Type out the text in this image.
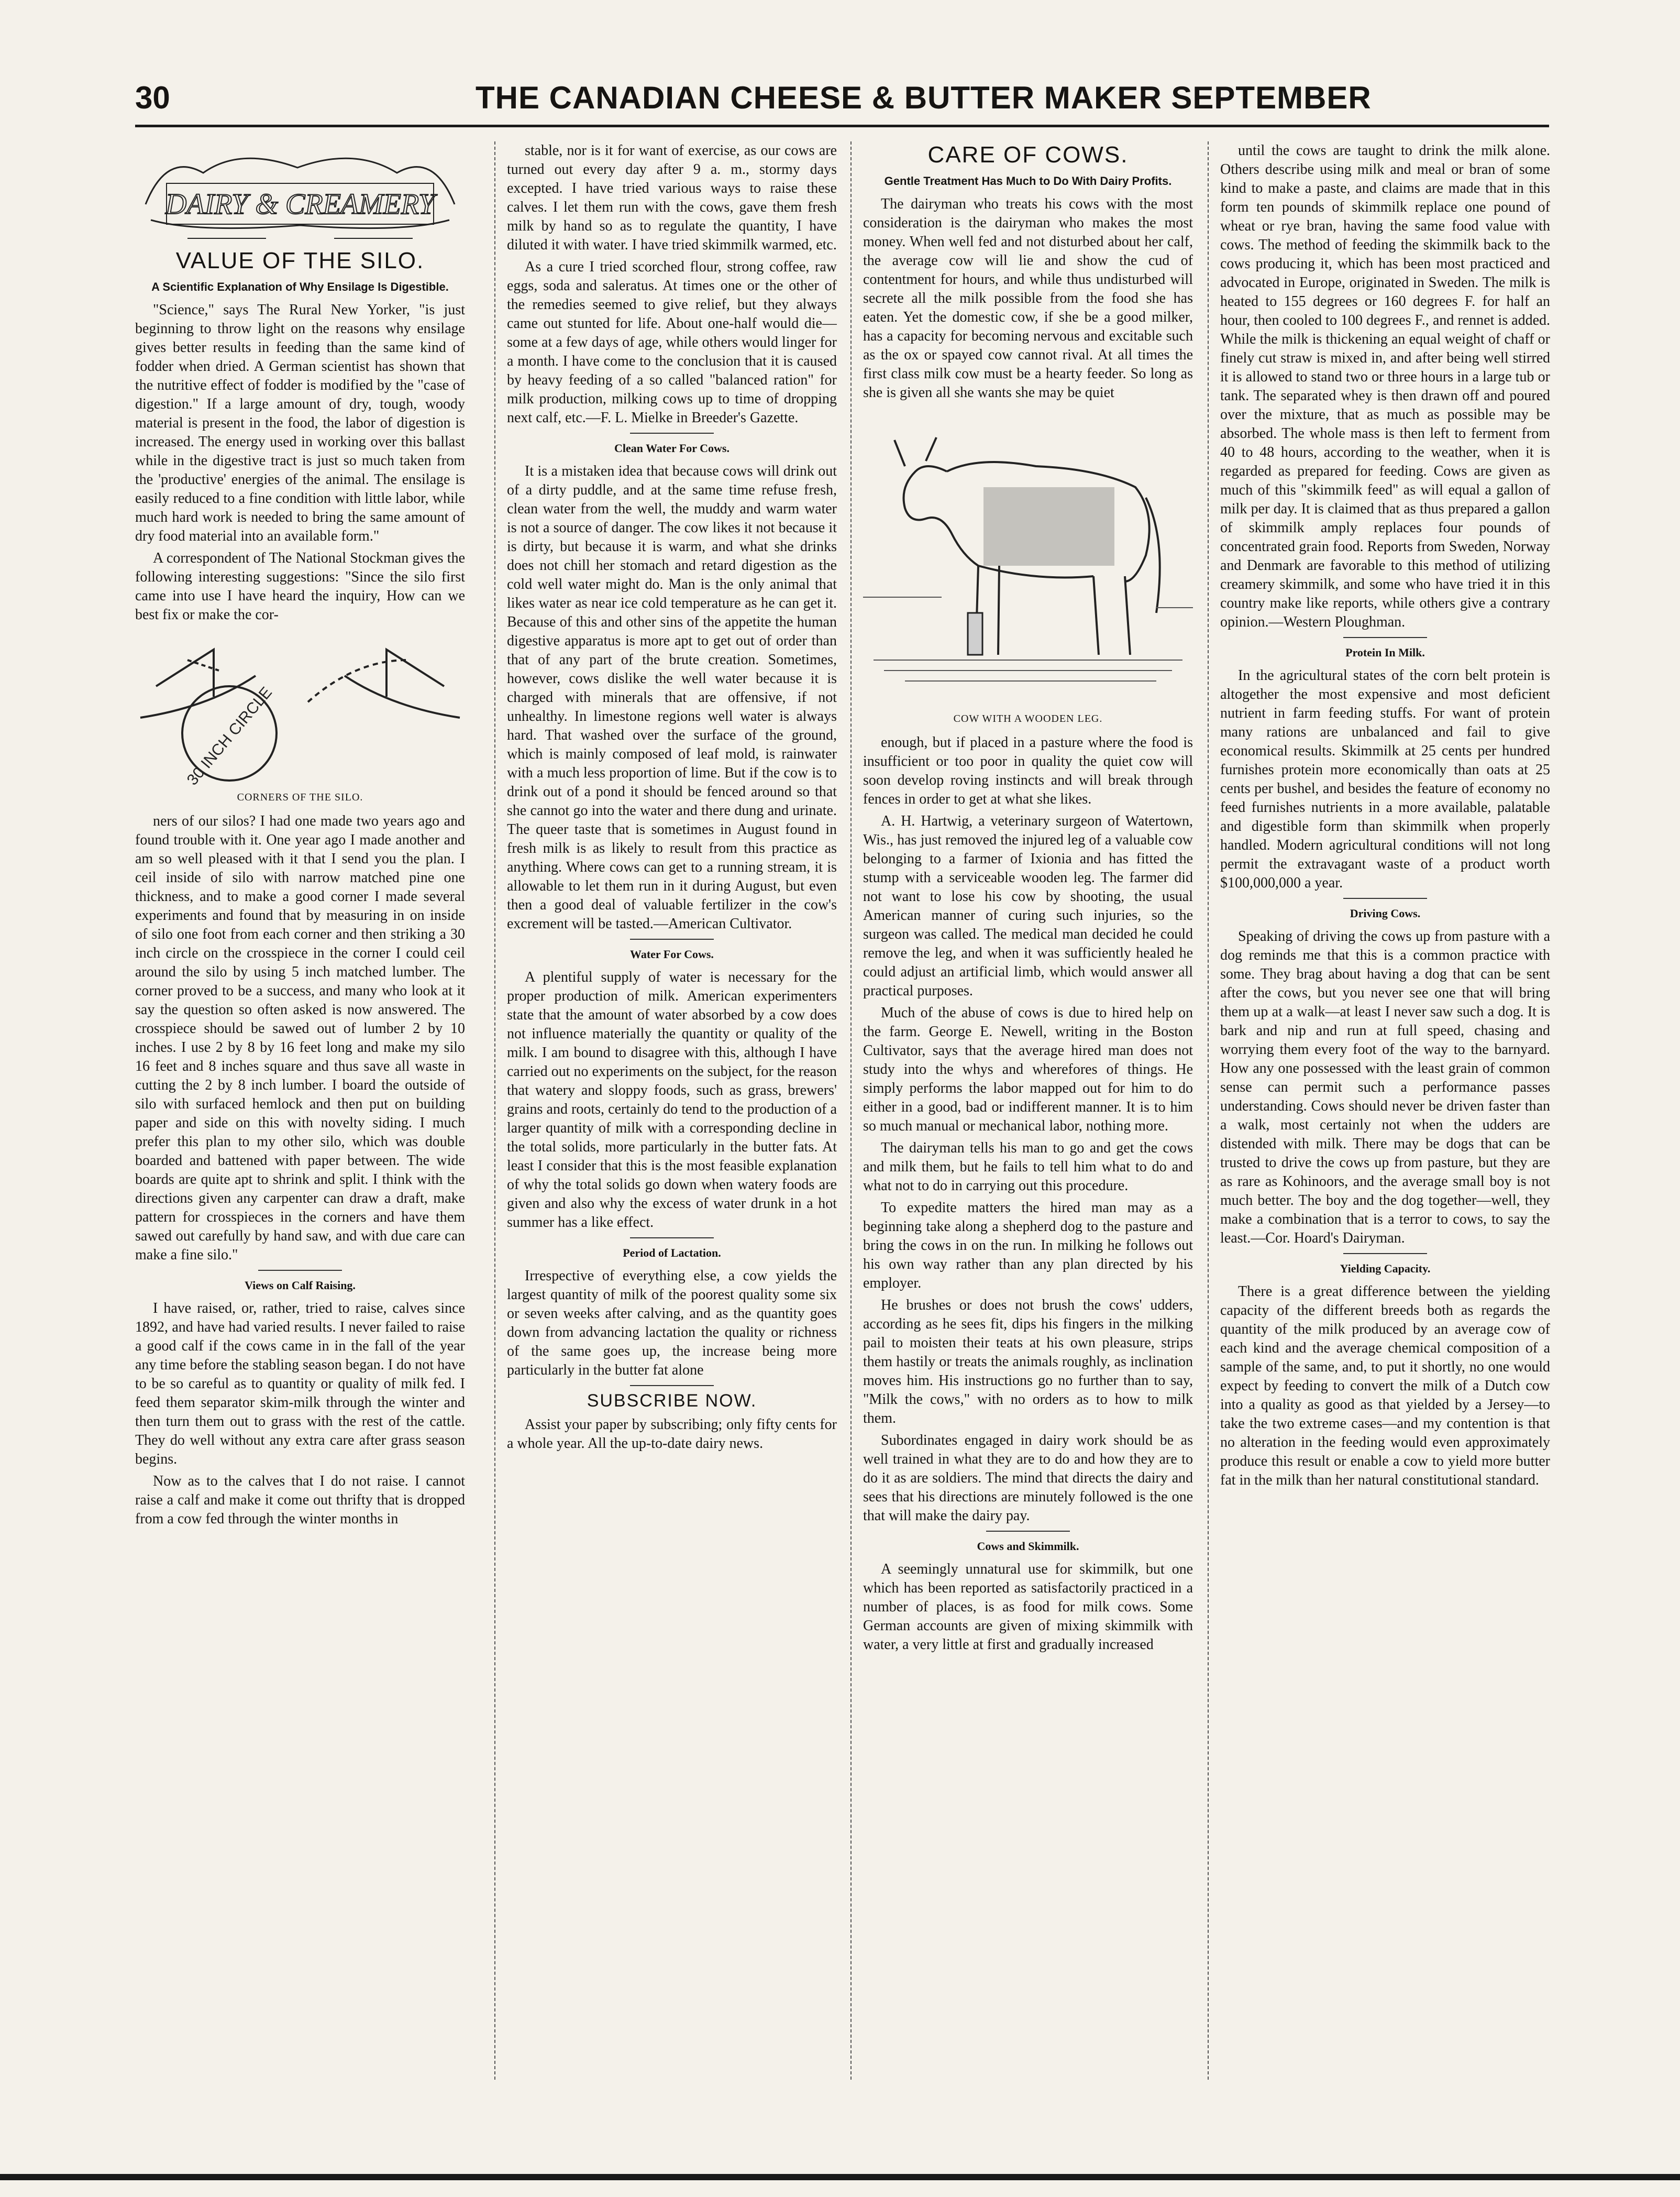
30	THE CANADIAN CHEESE & BUTTER MAKER SEPTEMBER
DAIRY & CREAMERY
VALUE OF THE SILO.
A Scientific Explanation of Why Ensilage Is Digestible.

"Science," says The Rural New Yorker, "is just beginning to throw light on the reasons why ensilage gives better results in feeding than the same kind of fodder when dried. A German scientist has shown that the nutritive effect of fodder is modified by the "case of digestion." If a large amount of dry, tough, woody material is present in the food, the labor of digestion is increased. The energy used in working over this ballast while in the digestive tract is just so much taken from the 'productive' energies of the animal. The ensilage is easily reduced to a fine condition with little labor, while much hard work is needed to bring the same amount of dry food material into an available form."

A correspondent of The National Stockman gives the following interesting suggestions: "Since the silo first came into use I have heard the inquiry, How can we best fix or make the cor-

30 INCH CIRCLE
CORNERS OF THE SILO.

ners of our silos? I had one made two years ago and found trouble with it. One year ago I made another and am so well pleased with it that I send you the plan. I ceil inside of silo with narrow matched pine one thickness, and to make a good corner I made several experiments and found that by measuring in on inside of silo one foot from each corner and then striking a 30 inch circle on the crosspiece in the corner I could ceil around the silo by using 5 inch matched lumber. The corner proved to be a success, and many who look at it say the question so often asked is now answered. The crosspiece should be sawed out of lumber 2 by 10 inches. I use 2 by 8 by 16 feet long and make my silo 16 feet and 8 inches square and thus save all waste in cutting the 2 by 8 inch lumber. I board the outside of silo with surfaced hemlock and then put on building paper and side on this with novelty siding. I much prefer this plan to my other silo, which was double boarded and battened with paper between. The wide boards are quite apt to shrink and split. I think with the directions given any carpenter can draw a draft, make pattern for crosspieces in the corners and have them sawed out carefully by hand saw, and with due care can make a fine silo."

Views on Calf Raising.

I have raised, or, rather, tried to raise, calves since 1892, and have had varied results. I never failed to raise a good calf if the cows came in in the fall of the year any time before the stabling season began. I do not have to be so careful as to quantity or quality of milk fed. I feed them separator skim-milk through the winter and then turn them out to grass with the rest of the cattle. They do well without any extra care after grass season begins.

Now as to the calves that I do not raise. I cannot raise a calf and make it come out thrifty that is dropped from a cow fed through the winter months in

stable, nor is it for want of exercise, as our cows are turned out every day after 9 a. m., stormy days excepted. I have tried various ways to raise these calves. I let them run with the cows, gave them fresh milk by hand so as to regulate the quantity, I have diluted it with water. I have tried skimmilk warmed, etc.

As a cure I tried scorched flour, strong coffee, raw eggs, soda and saleratus. At times one or the other of the remedies seemed to give relief, but they always came out stunted for life. About one-half would die—some at a few days of age, while others would linger for a month. I have come to the conclusion that it is caused by heavy feeding of a so called "balanced ration" for milk production, milking cows up to time of dropping next calf, etc.—F. L. Mielke in Breeder's Gazette.

Clean Water For Cows.

It is a mistaken idea that because cows will drink out of a dirty puddle, and at the same time refuse fresh, clean water from the well, the muddy and warm water is not a source of danger. The cow likes it not because it is dirty, but because it is warm, and what she drinks does not chill her stomach and retard digestion as the cold well water might do. Man is the only animal that likes water as near ice cold temperature as he can get it. Because of this and other sins of the appetite the human digestive apparatus is more apt to get out of order than that of any part of the brute creation. Sometimes, however, cows dislike the well water because it is charged with minerals that are offensive, if not unhealthy. In limestone regions well water is always hard. That washed over the surface of the ground, which is mainly composed of leaf mold, is rainwater with a much less proportion of lime. But if the cow is to drink out of a pond it should be fenced around so that she cannot go into the water and there dung and urinate. The queer taste that is sometimes in August found in fresh milk is as likely to result from this practice as anything. Where cows can get to a running stream, it is allowable to let them run in it during August, but even then a good deal of valuable fertilizer in the cow's excrement will be tasted.—American Cultivator.

Water For Cows.

A plentiful supply of water is necessary for the proper production of milk. American experimenters state that the amount of water absorbed by a cow does not influence materially the quantity or quality of the milk. I am bound to disagree with this, although I have carried out no experiments on the subject, for the reason that watery and sloppy foods, such as grass, brewers' grains and roots, certainly do tend to the production of a larger quantity of milk with a corresponding decline in the total solids, more particularly in the butter fats. At least I consider that this is the most feasible explanation of why the total solids go down when watery foods are given and also why the excess of water drunk in a hot summer has a like effect.

Period of Lactation.

Irrespective of everything else, a cow yields the largest quantity of milk of the poorest quality some six or seven weeks after calving, and as the quantity goes down from advancing lactation the quality or richness of the same goes up, the increase being more particularly in the butter fat alone

SUBSCRIBE NOW.

Assist your paper by subscribing; only fifty cents for a whole year. All the up-to-date dairy news.

CARE OF COWS.
Gentle Treatment Has Much to Do With Dairy Profits.

The dairyman who treats his cows with the most consideration is the dairyman who makes the most money. When well fed and not disturbed about her calf, the average cow will lie and show the cud of contentment for hours, and while thus undisturbed will secrete all the milk possible from the food she has eaten. Yet the domestic cow, if she be a good milker, has a capacity for becoming nervous and excitable such as the ox or spayed cow cannot rival. At all times the first class milk cow must be a hearty feeder. So long as she is given all she wants she may be quiet

COW WITH A WOODEN LEG.

enough, but if placed in a pasture where the food is insufficient or too poor in quality the quiet cow will soon develop roving instincts and will break through fences in order to get at what she likes.

A. H. Hartwig, a veterinary surgeon of Watertown, Wis., has just removed the injured leg of a valuable cow belonging to a farmer of Ixionia and has fitted the stump with a serviceable wooden leg. The farmer did not want to lose his cow by shooting, the usual American manner of curing such injuries, so the surgeon was called. The medical man decided he could remove the leg, and when it was sufficiently healed he could adjust an artificial limb, which would answer all practical purposes.

Much of the abuse of cows is due to hired help on the farm. George E. Newell, writing in the Boston Cultivator, says that the average hired man does not study into the whys and wherefores of things. He simply performs the labor mapped out for him to do either in a good, bad or indifferent manner. It is to him so much manual or mechanical labor, nothing more.

The dairyman tells his man to go and get the cows and milk them, but he fails to tell him what to do and what not to do in carrying out this procedure.

To expedite matters the hired man may as a beginning take along a shepherd dog to the pasture and bring the cows in on the run. In milking he follows out his own way rather than any plan directed by his employer.

He brushes or does not brush the cows' udders, according as he sees fit, dips his fingers in the milking pail to moisten their teats at his own pleasure, strips them hastily or treats the animals roughly, as inclination moves him. His instructions go no further than to say, "Milk the cows," with no orders as to how to milk them.

Subordinates engaged in dairy work should be as well trained in what they are to do and how they are to do it as are soldiers. The mind that directs the dairy and sees that his directions are minutely followed is the one that will make the dairy pay.

Cows and Skimmilk.

A seemingly unnatural use for skimmilk, but one which has been reported as satisfactorily practiced in a number of places, is as food for milk cows. Some German accounts are given of mixing skimmilk with water, a very little at first and gradually increased

until the cows are taught to drink the milk alone. Others describe using milk and meal or bran of some kind to make a paste, and claims are made that in this form ten pounds of skimmilk replace one pound of wheat or rye bran, having the same food value with cows. The method of feeding the skimmilk back to the cows producing it, which has been most practiced and advocated in Europe, originated in Sweden. The milk is heated to 155 degrees or 160 degrees F. for half an hour, then cooled to 100 degrees F., and rennet is added. While the milk is thickening an equal weight of chaff or finely cut straw is mixed in, and after being well stirred it is allowed to stand two or three hours in a large tub or tank. The separated whey is then drawn off and poured over the mixture, that as much as possible may be absorbed. The whole mass is then left to ferment from 40 to 48 hours, according to the weather, when it is regarded as prepared for feeding. Cows are given as much of this "skimmilk feed" as will equal a gallon of milk per day. It is claimed that as thus prepared a gallon of skimmilk amply replaces four pounds of concentrated grain food. Reports from Sweden, Norway and Denmark are favorable to this method of utilizing creamery skimmilk, and some who have tried it in this country make like reports, while others give a contrary opinion.—Western Ploughman.

Protein In Milk.

In the agricultural states of the corn belt protein is altogether the most expensive and most deficient nutrient in farm feeding stuffs. For want of protein many rations are unbalanced and fail to give economical results. Skimmilk at 25 cents per hundred furnishes protein more economically than oats at 25 cents per bushel, and besides the feature of economy no feed furnishes nutrients in a more available, palatable and digestible form than skimmilk when properly handled. Modern agricultural conditions will not long permit the extravagant waste of a product worth $100,000,000 a year.

Driving Cows.

Speaking of driving the cows up from pasture with a dog reminds me that this is a common practice with some. They brag about having a dog that can be sent after the cows, but you never see one that will bring them up at a walk—at least I never saw such a dog. It is bark and nip and run at full speed, chasing and worrying them every foot of the way to the barnyard. How any one possessed with the least grain of common sense can permit such a performance passes understanding. Cows should never be driven faster than a walk, most certainly not when the udders are distended with milk. There may be dogs that can be trusted to drive the cows up from pasture, but they are as rare as Kohinoors, and the average small boy is not much better. The boy and the dog together—well, they make a combination that is a terror to cows, to say the least.—Cor. Hoard's Dairyman.

Yielding Capacity.

There is a great difference between the yielding capacity of the different breeds both as regards the quantity of the milk produced by an average cow of each kind and the average chemical composition of a sample of the same, and, to put it shortly, no one would expect by feeding to convert the milk of a Dutch cow into a quality as good as that yielded by a Jersey—to take the two extreme cases—and my contention is that no alteration in the feeding would even approximately produce this result or enable a cow to yield more butter fat in the milk than her natural constitutional standard.
